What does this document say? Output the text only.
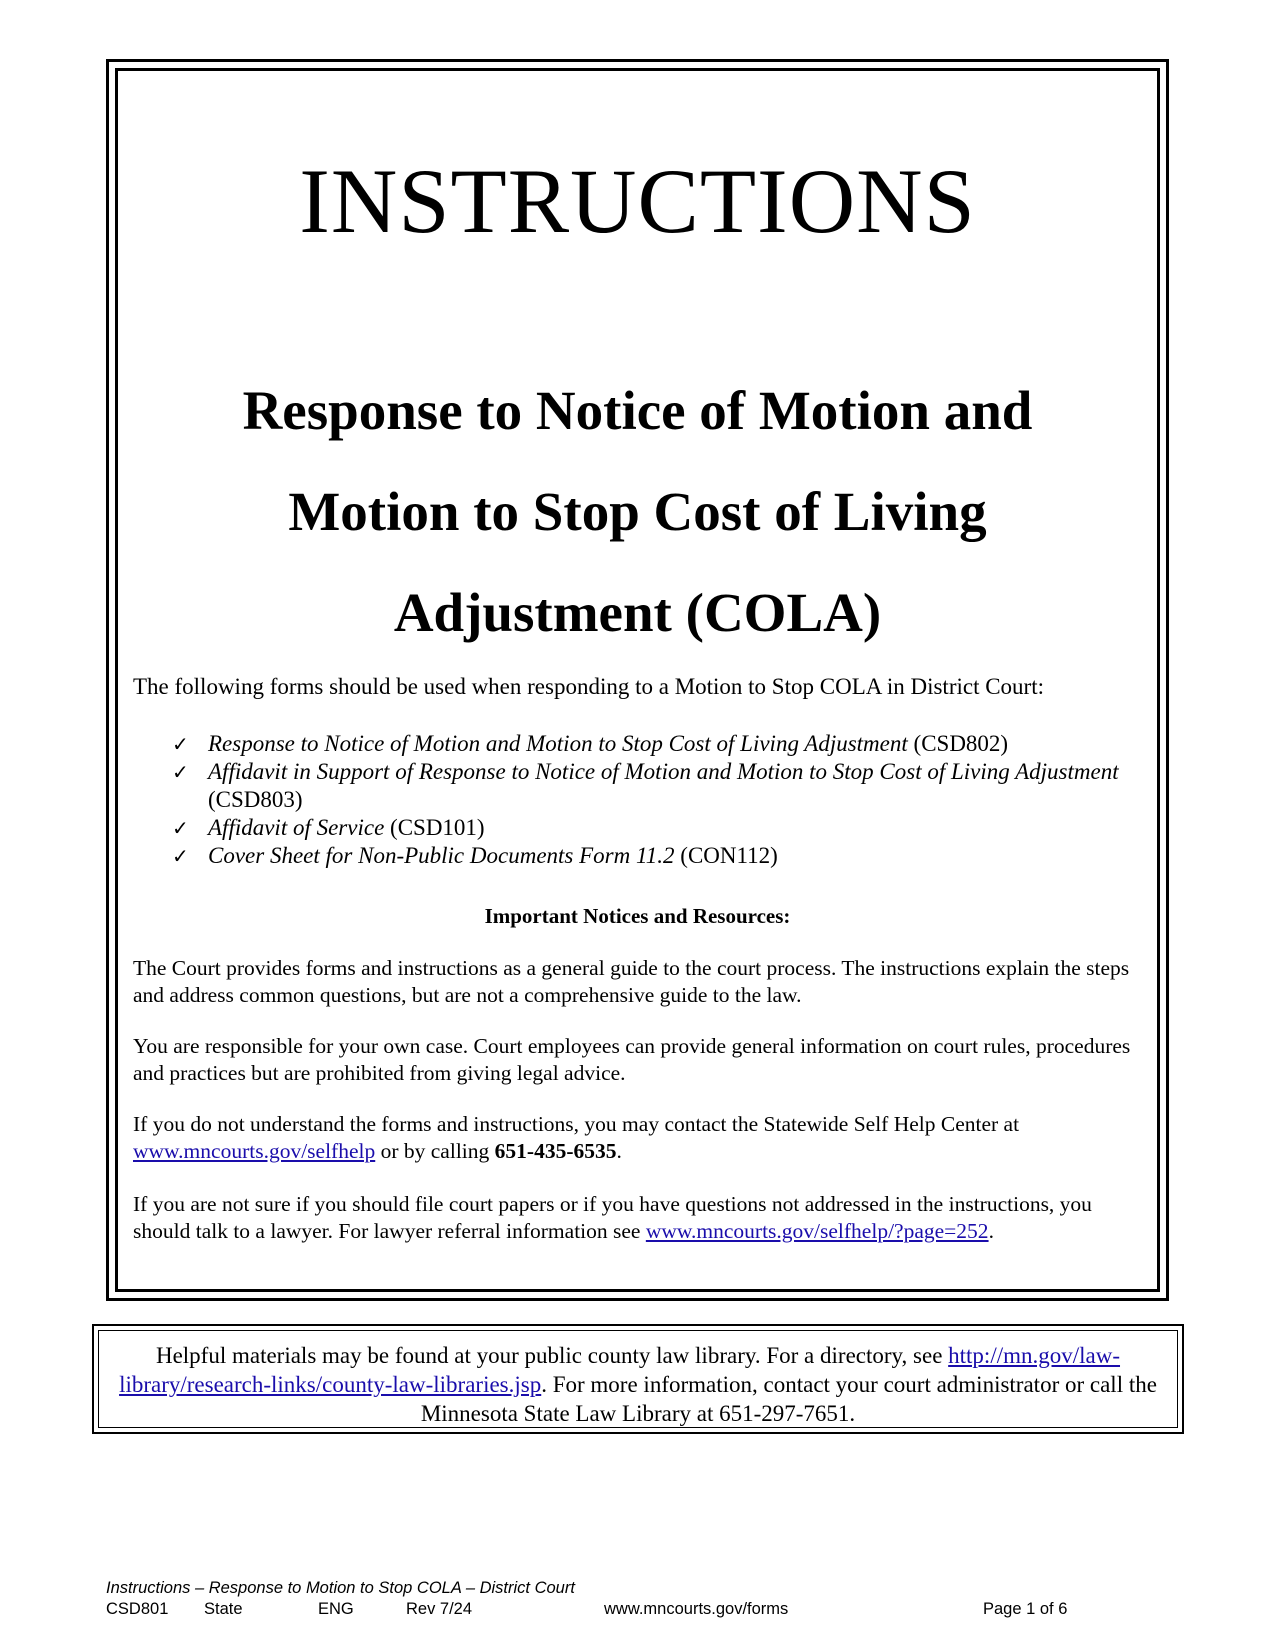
INSTRUCTIONS
Response to Notice of Motion and Motion to Stop Cost of Living Adjustment (COLA)

The following forms should be used when responding to a Motion to Stop COLA in District Court:

✓ Response to Notice of Motion and Motion to Stop Cost of Living Adjustment (CSD802)
✓ Affidavit in Support of Response to Notice of Motion and Motion to Stop Cost of Living Adjustment (CSD803)
✓ Affidavit of Service (CSD101)
✓ Cover Sheet for Non-Public Documents Form 11.2 (CON112)
Important Notices and Resources:

The Court provides forms and instructions as a general guide to the court process. The instructions explain the steps and address common questions, but are not a comprehensive guide to the law.

You are responsible for your own case. Court employees can provide general information on court rules, procedures and practices but are prohibited from giving legal advice.

If you do not understand the forms and instructions, you may contact the Statewide Self Help Center at www.mncourts.gov/selfhelp or by calling 651-435-6535.

If you are not sure if you should file court papers or if you have questions not addressed in the instructions, you should talk to a lawyer. For lawyer referral information see www.mncourts.gov/selfhelp/?page=252.

Helpful materials may be found at your public county law library. For a directory, see http://mn.gov/law-library/research-links/county-law-libraries.jsp. For more information, contact your court administrator or call the Minnesota State Law Library at 651-297-7651.

Instructions – Response to Motion to Stop COLA – District Court

CSD801 State	ENG	Rev 7/24	www.mncourts.gov/forms	Page 1 of 6
